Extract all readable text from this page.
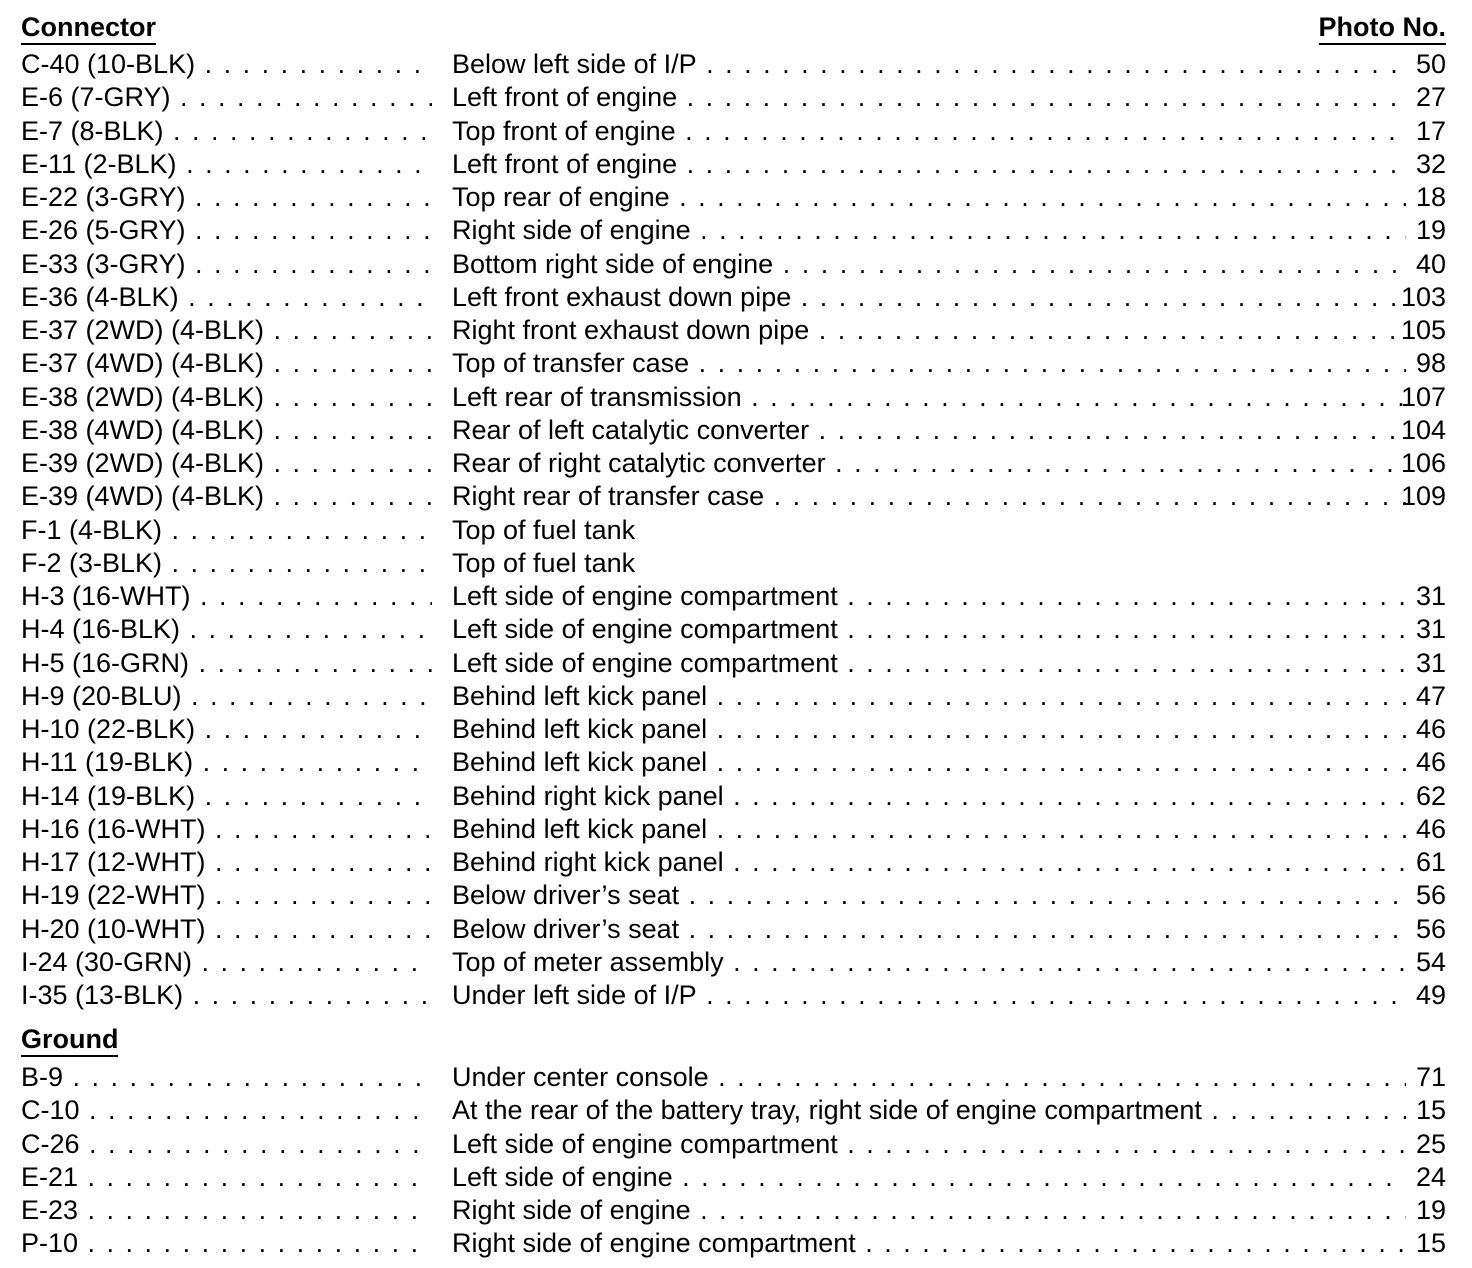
Connector	Photo No.
C-40 (10-BLK) . . .	Below left side of I/P . . .	50
E-6 (7-GRY) . . .	Left front of engine . . .	27
E-7 (8-BLK) . . .	Top front of engine . . .	17
E-11 (2-BLK) . . .	Left front of engine . . .	32
E-22 (3-GRY) . . .	Top rear of engine . . .	18
E-26 (5-GRY) . . .	Right side of engine . . .	19
E-33 (3-GRY) . . .	Bottom right side of engine . . .	40
E-36 (4-BLK) . . .	Left front exhaust down pipe . . .	103
E-37 (2WD) (4-BLK) . . .	Right front exhaust down pipe . . .	105
E-37 (4WD) (4-BLK) . . .	Top of transfer case . . .	98
E-38 (2WD) (4-BLK) . . .	Left rear of transmission . . .	107
E-38 (4WD) (4-BLK) . . .	Rear of left catalytic converter . . .	104
E-39 (2WD) (4-BLK) . . .	Rear of right catalytic converter . . .	106
E-39 (4WD) (4-BLK) . . .	Right rear of transfer case . . .	109
F-1 (4-BLK) . . .	Top of fuel tank
F-2 (3-BLK) . . .	Top of fuel tank
H-3 (16-WHT) . . .	Left side of engine compartment . . .	31
H-4 (16-BLK) . . .	Left side of engine compartment . . .	31
H-5 (16-GRN) . . .	Left side of engine compartment . . .	31
H-9 (20-BLU) . . .	Behind left kick panel . . .	47
H-10 (22-BLK) . . .	Behind left kick panel . . .	46
H-11 (19-BLK) . . .	Behind left kick panel . . .	46
H-14 (19-BLK) . . .	Behind right kick panel . . .	62
H-16 (16-WHT) . . .	Behind left kick panel . . .	46
H-17 (12-WHT) . . .	Behind right kick panel . . .	61
H-19 (22-WHT) . . .	Below driver’s seat . . .	56
H-20 (10-WHT) . . .	Below driver’s seat . . .	56
I-24 (30-GRN) . . .	Top of meter assembly . . .	54
I-35 (13-BLK) . . .	Under left side of I/P . . .	49
Ground
B-9 . . .	Under center console . . .	71
C-10 . . .	At the rear of the battery tray, right side of engine compartment . . .	15
C-26 . . .	Left side of engine compartment . . .	25
E-21 . . .	Left side of engine . . .	24
E-23 . . .	Right side of engine . . .	19
P-10 . . .	Right side of engine compartment . . .	15
